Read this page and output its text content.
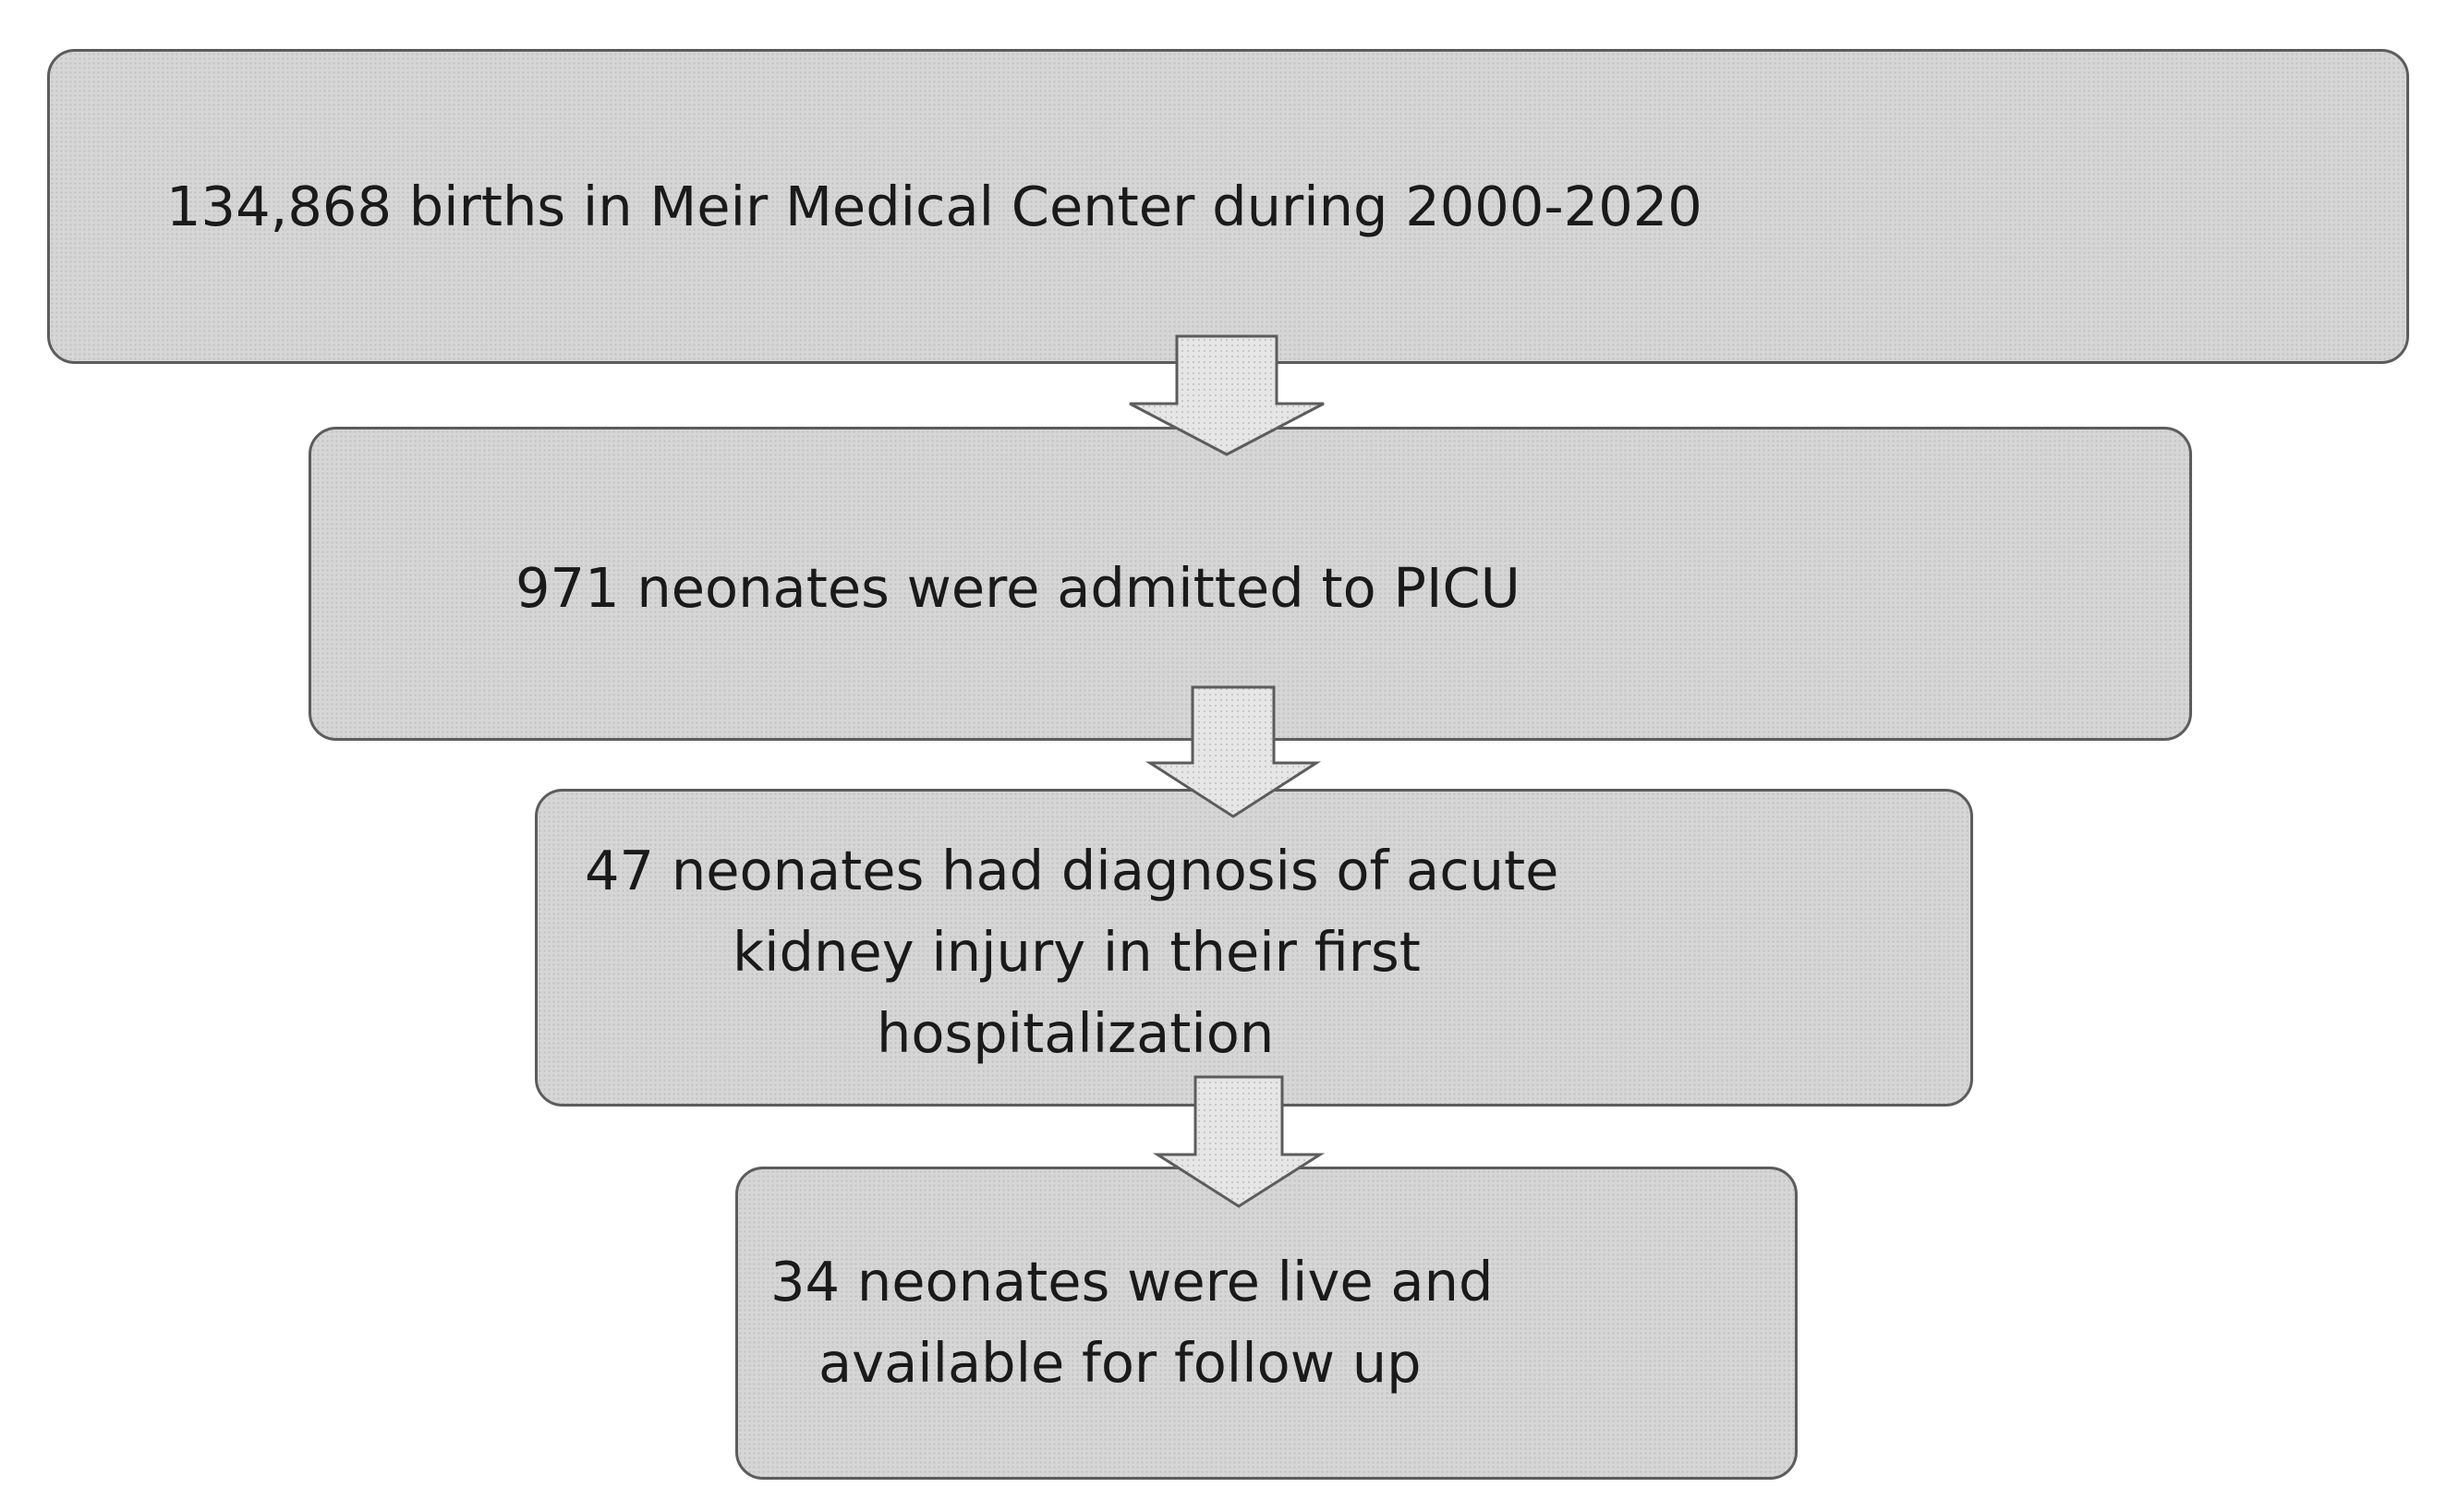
134,868 births in Meir Medical Center during 2000-2020
971 neonates were admitted to PICU
47 neonates had diagnosis of acute
kidney injury in their first
hospitalization
34 neonates were live and
available for follow up
